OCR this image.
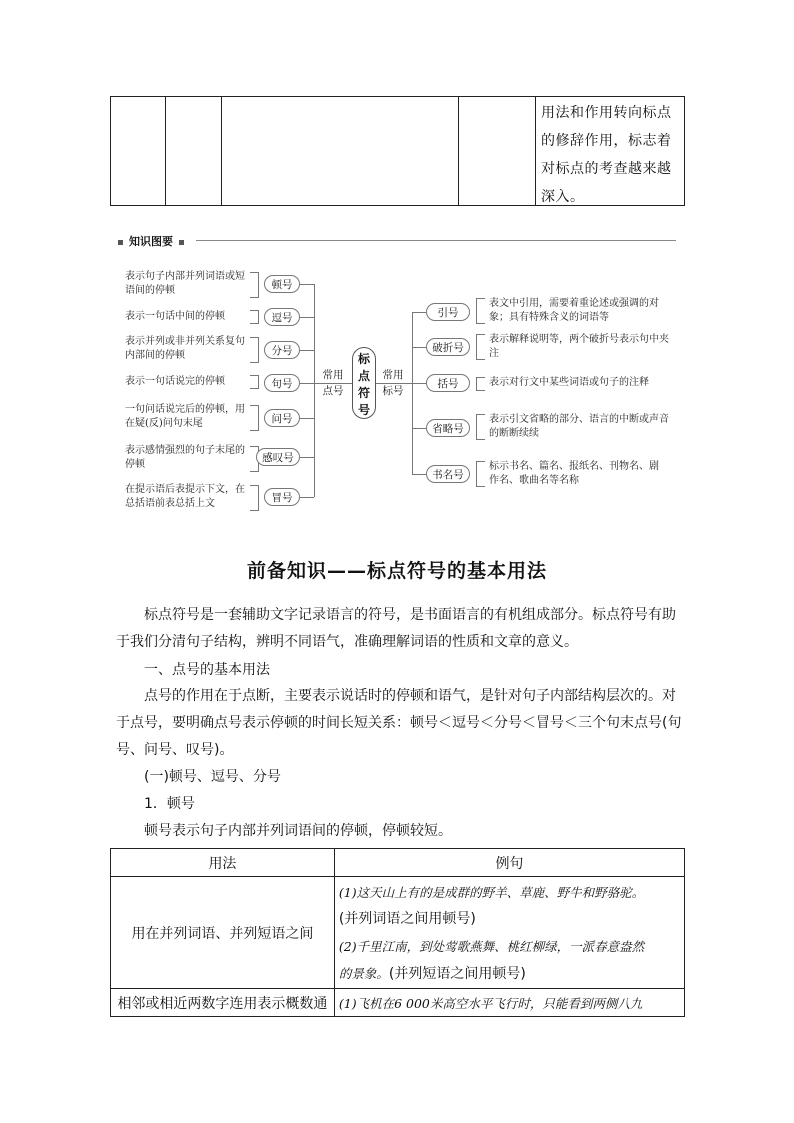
用法和作用转向标点的修辞作用，标志着对标点的考查越来越深入。
知识图要
表示句子内部并列词语或短语间的停顿
表示一句话中间的停顿
表示并列或非并列关系复句内部间的停顿
表示一句话说完的停顿
一句问话说完后的停顿，用在疑(反)问句末尾
表示感情强烈的句子末尾的停顿
在提示语后表提示下文，在总括语前表总括上文
顿号
逗号
分号
句号
问号
感叹号
冒号
常用点号
标点符号
常用标号
引号
破折号
括号
省略号
书名号
表文中引用，需要着重论述或强调的对象；具有特殊含义的词语等
表示解释说明等，两个破折号表示句中夹注
表示对行文中某些词语或句子的注释
表示引文省略的部分、语言的中断或声音的断断续续
标示书名、篇名、报纸名、刊物名、剧作名、歌曲名等名称
前备知识——标点符号的基本用法
标点符号是一套辅助文字记录语言的符号，是书面语言的有机组成部分。标点符号有助于我们分清句子结构，辨明不同语气，准确理解词语的性质和文章的意义。
一、点号的基本用法
点号的作用在于点断，主要表示说话时的停顿和语气，是针对句子内部结构层次的。对于点号，要明确点号表示停顿的时间长短关系：顿号＜逗号＜分号＜冒号＜三个句末点号(句号、问号、叹号)。
(一)顿号、逗号、分号
1．顿号
顿号表示句子内部并列词语间的停顿，停顿较短。
用法	例句
用在并列词语、并列短语之间	(1)这天山上有的是成群的野羊、草鹿、野牛和野骆驼。
(并列词语之间用顿号)
(2)千里江南，到处莺歌燕舞、桃红柳绿，一派春意盎然
的景象。(并列短语之间用顿号)

相邻或相近两数字连用表示概数通	(1)飞机在6 000米高空水平飞行时，只能看到两侧八九
